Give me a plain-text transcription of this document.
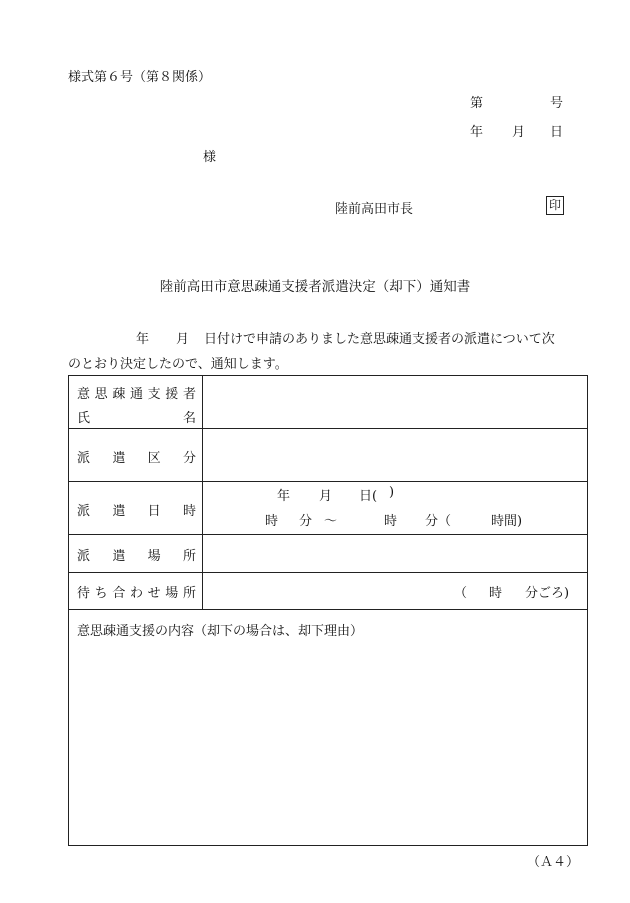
様式第６号（第８関係）
第	号
年 月 日
様
陸前高田市長	印
陸前高田市意思疎通支援者派遣決定（却下）通知書
年 月 日付けで申請のありました意思疎通支援者の派遣について次
のとおり決定したので、通知します。
意 思 疎 通 支 援 者
氏	名
派 遣 区 分
派 遣 日 時
年 月 日( )
時 分 ～	時 分（	時間)
派 遣 場 所
待 ち 合 わ せ 場 所	（ 時 分ごろ)
意思疎通支援の内容（却下の場合は、却下理由）
（Ａ４）
